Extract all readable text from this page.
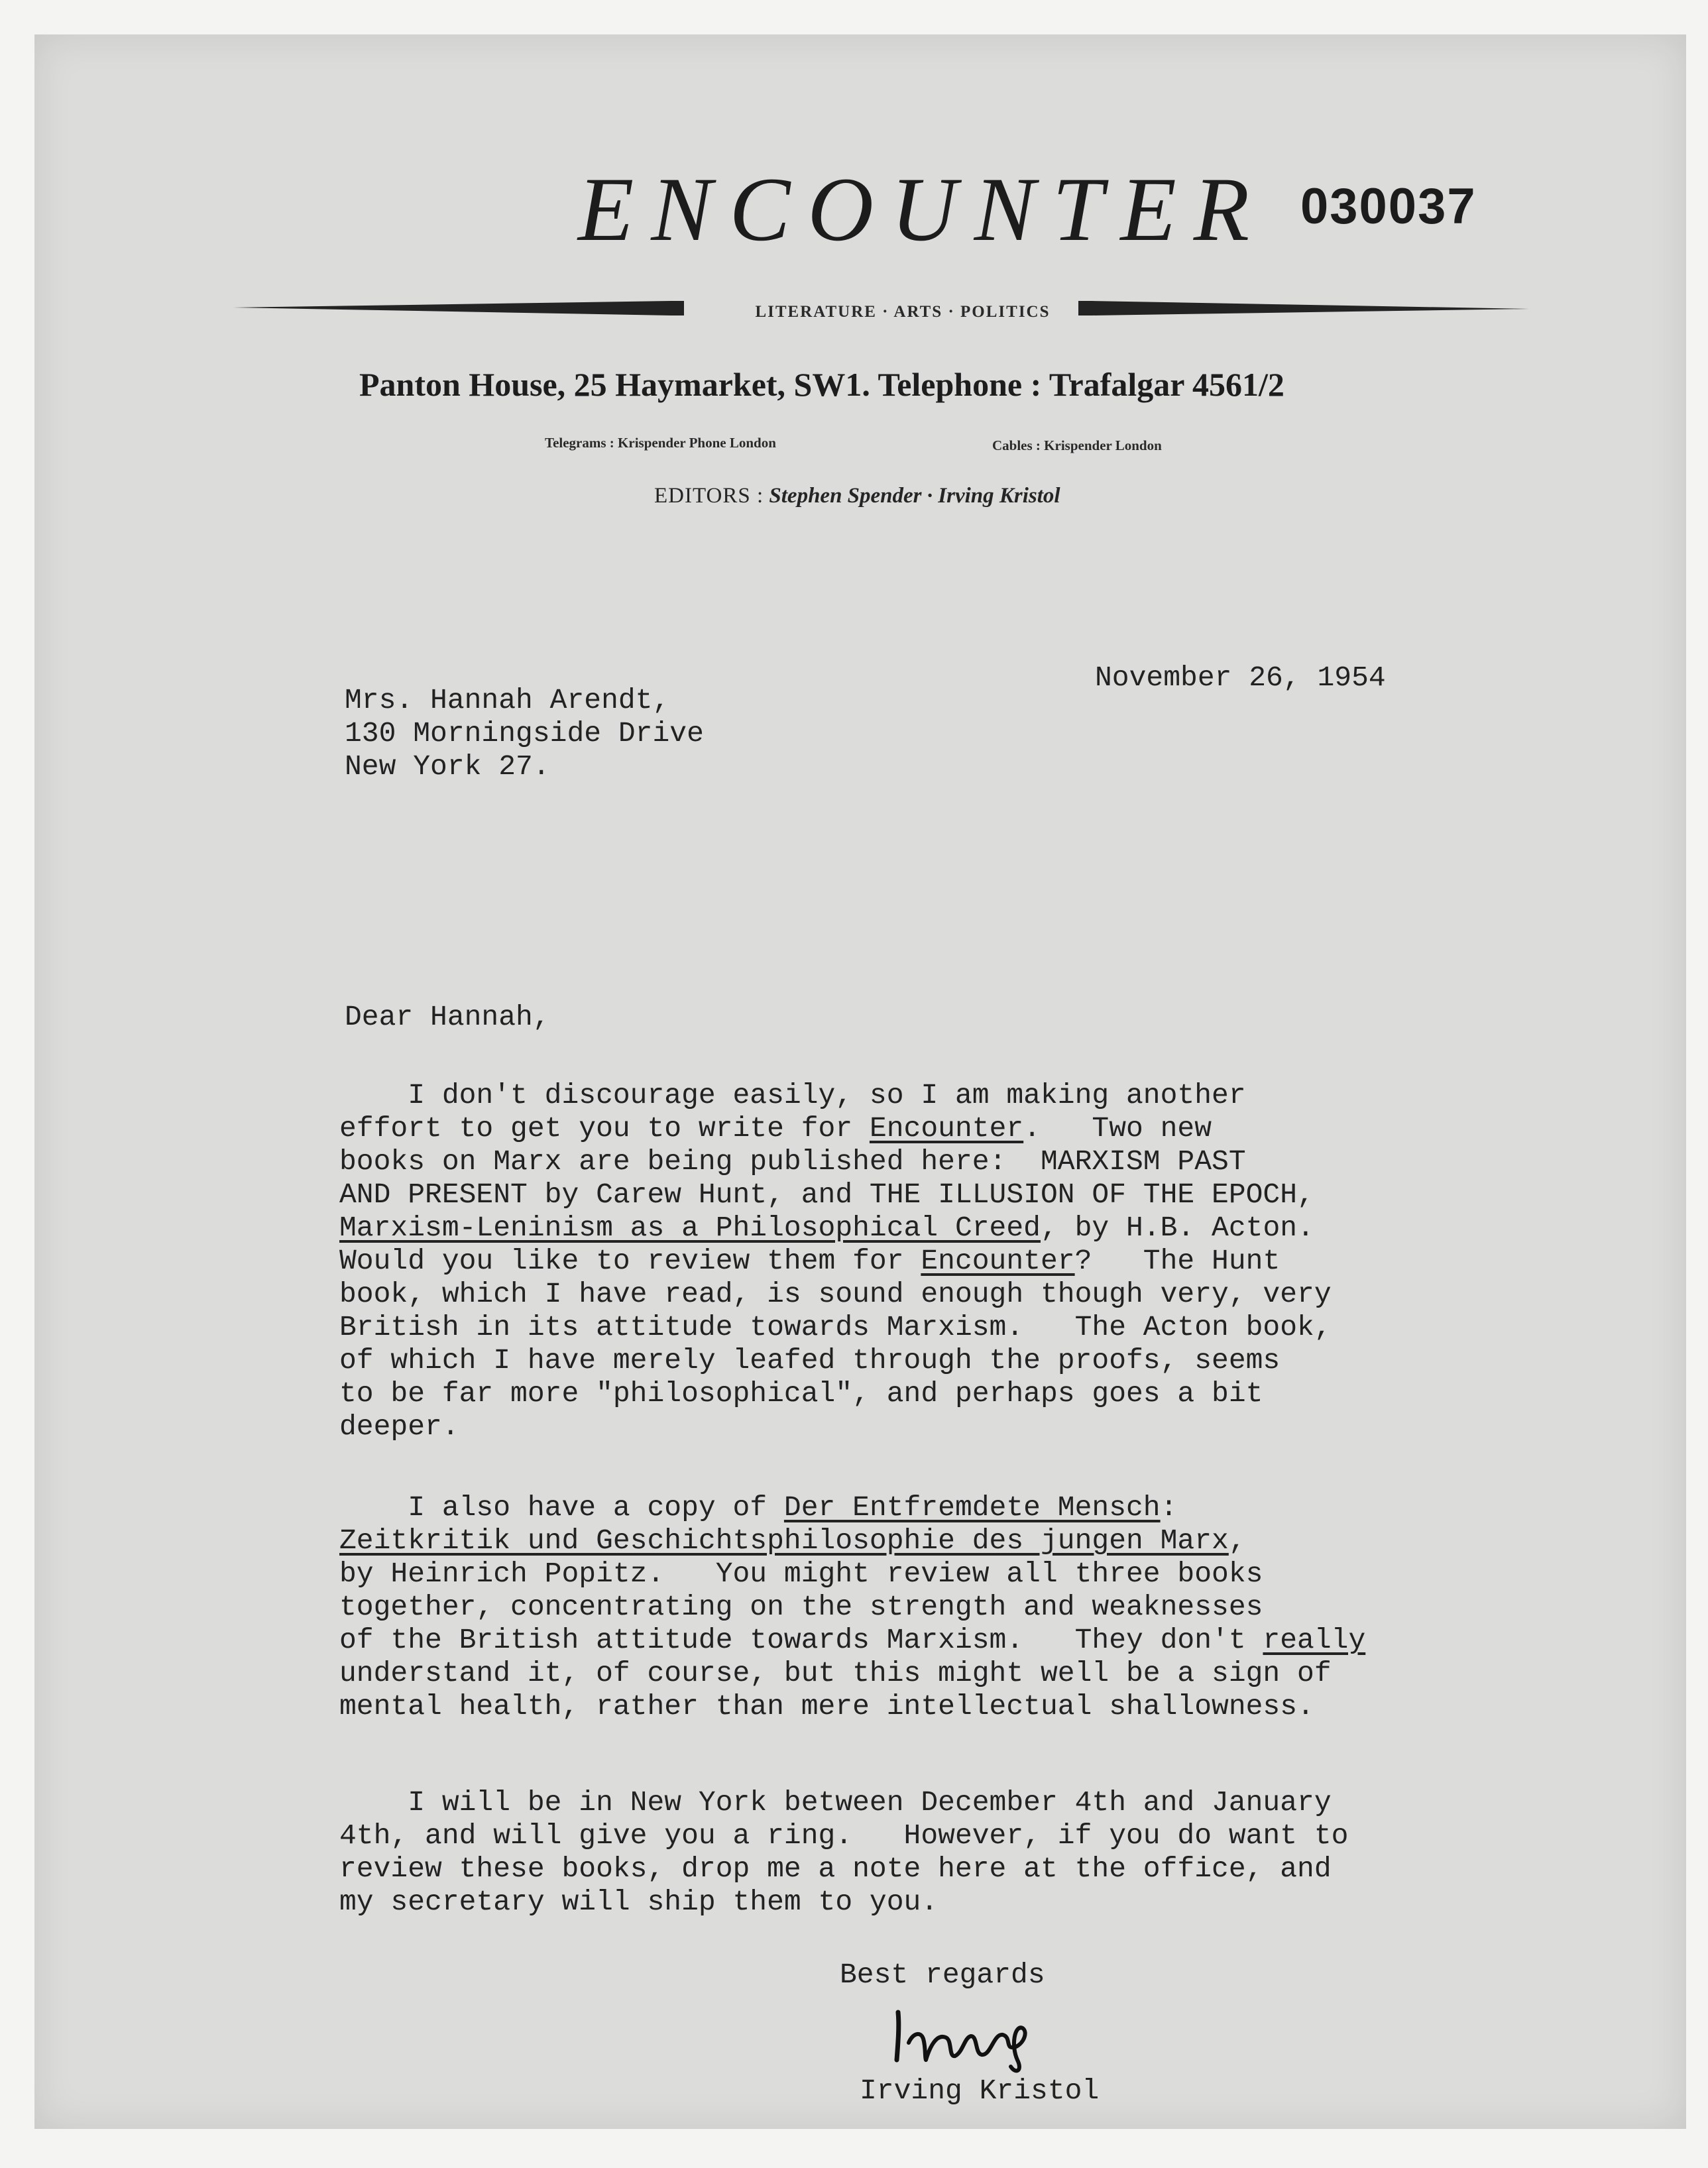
ENCOUNTER 030037
LITERATURE · ARTS · POLITICS
Panton House, 25 Haymarket, SW1. Telephone : Trafalgar 4561/2
Telegrams : Krispender Phone London	Cables : Krispender London
EDITORS : Stephen Spender · Irving Kristol
November 26, 1954
Mrs. Hannah Arendt,
130 Morningside Drive
New York 27.
Dear Hannah,
I don't discourage easily, so I am making another
effort to get you to write for Encounter.   Two new
books on Marx are being published here:  MARXISM PAST
AND PRESENT by Carew Hunt, and THE ILLUSION OF THE EPOCH,
Marxism-Leninism as a Philosophical Creed, by H.B. Acton.
Would you like to review them for Encounter?   The Hunt
book, which I have read, is sound enough though very, very
British in its attitude towards Marxism.   The Acton book,
of which I have merely leafed through the proofs, seems
to be far more "philosophical", and perhaps goes a bit
deeper.
I also have a copy of Der Entfremdete Mensch:
Zeitkritik und Geschichtsphilosophie des jungen Marx,
by Heinrich Popitz.   You might review all three books
together, concentrating on the strength and weaknesses
of the British attitude towards Marxism.   They don't really
understand it, of course, but this might well be a sign of
mental health, rather than mere intellectual shallowness.
I will be in New York between December 4th and January
4th, and will give you a ring.   However, if you do want to
review these books, drop me a note here at the office, and
my secretary will ship them to you.
Best regards
Irving Kristol
